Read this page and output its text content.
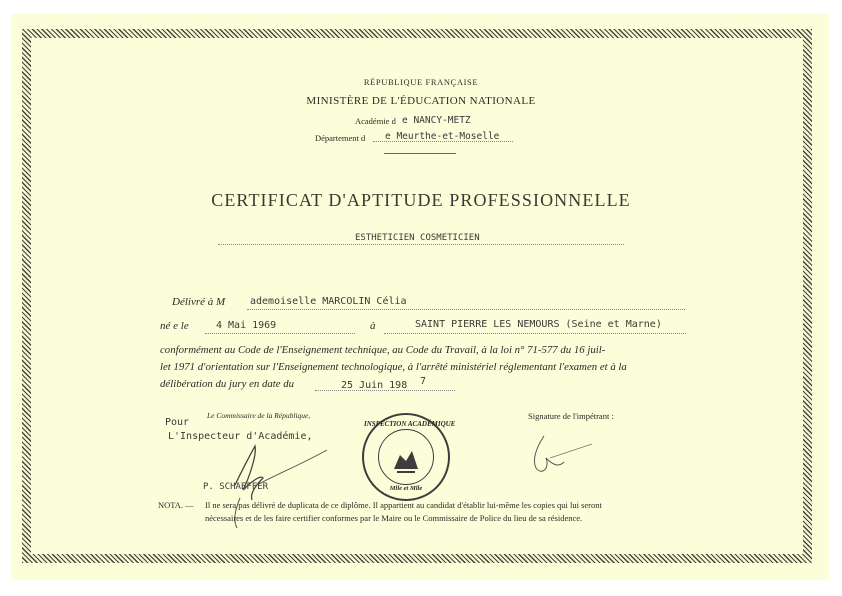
RÉPUBLIQUE FRANÇAISE
MINISTÈRE DE L'ÉDUCATION NATIONALE
Académie d e NANCY-METZ
Département d e Meurthe-et-Moselle
CERTIFICAT D'APTITUDE PROFESSIONNELLE
ESTHETICIEN COSMETICIEN
Délivré à M ademoiselle MARCOLIN Célia
né e le	4 Mai 1969	à	SAINT PIERRE LES NEMOURS (Seine et Marne)
conformément au Code de l'Enseignement technique, au Code du Travail, à la loi n° 71-577 du 16 juil-
let 1971 d'orientation sur l'Enseignement technologique, à l'arrêté ministériel réglementant l'examen et à la
délibération du jury en date du	25 Juin 198 7
Pour
Le Commissaire de la République,
L'Inspecteur d'Académie,
P. SCHAEFFER
Signature de l'impétrant :
INSPECTION ACADÉMIQUE
Mlle et Mlle
NOTA. — Il ne sera pas délivré de duplicata de ce diplôme. Il appartient au candidat d'établir lui-même les copies qui lui seront
nécessaires et de les faire certifier conformes par le Maire ou le Commissaire de Police du lieu de sa résidence.
